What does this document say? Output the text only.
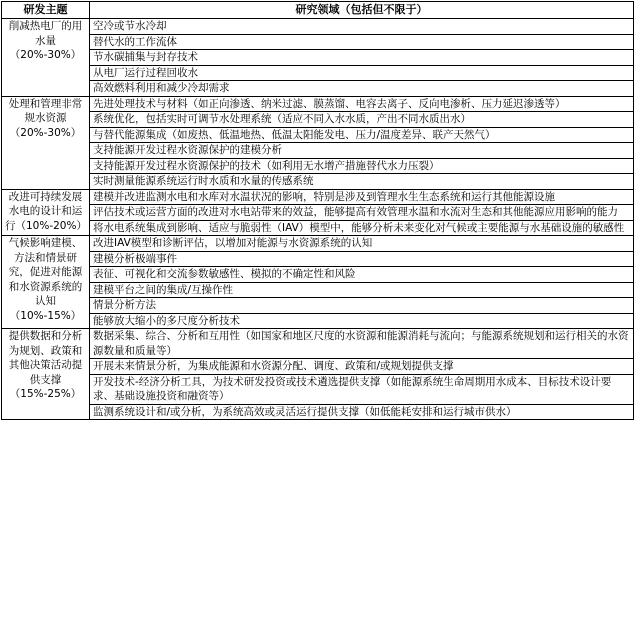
研发主题	研究领域（包括但不限于）
削减热电厂的用水量（20%-30%）	空冷或节水冷却
	替代水的工作流体
	节水碳捕集与封存技术
	从电厂运行过程回收水
	高效燃料利用和减少冷却需求
处理和管理非常规水资源（20%-30%）	先进处理技术与材料（如正向渗透、纳米过滤、膜蒸馏、电容去离子、反向电渗析、压力延迟渗透等）
	系统优化，包括实时可调节水处理系统（适应不同入水水质，产出不同水质出水）
	与替代能源集成（如废热、低温地热、低温太阳能发电、压力/温度差异、联产天然气）
	支持能源开发过程水资源保护的建模分析
	支持能源开发过程水资源保护的技术（如利用无水增产措施替代水力压裂）
	实时测量能源系统运行时水质和水量的传感系统
改进可持续发展水电的设计和运行（10%-20%）	建模并改进监测水电和水库对水温状况的影响，特别是涉及到管理水生生态系统和运行其他能源设施
	评估技术或运营方面的改进对水电站带来的效益，能够提高有效管理水温和水流对生态和其他能源应用影响的能力
	将水电系统集成到影响、适应与脆弱性（IAV）模型中，能够分析未来变化对气候或主要能源与水基础设施的敏感性
气候影响建模、方法和情景研究，促进对能源和水资源系统的认知（10%-15%）	改进IAV模型和诊断评估，以增加对能源与水资源系统的认知
	建模分析极端事件
	表征、可视化和交流参数敏感性、模拟的不确定性和风险
	建模平台之间的集成/互操作性
	情景分析方法
	能够放大缩小的多尺度分析技术
提供数据和分析为规划、政策和其他决策活动提供支撑（15%-25%）	数据采集、综合、分析和互用性（如国家和地区尺度的水资源和能源消耗与流向；与能源系统规划和运行相关的水资源数量和质量等）
	开展未来情景分析，为集成能源和水资源分配、调度、政策和/或规划提供支撑
	开发技术-经济分析工具，为技术研发投资或技术遴选提供支撑（如能源系统生命周期用水成本、目标技术设计要求、基础设施投资和融资等）
	监测系统设计和/或分析，为系统高效或灵活运行提供支撑（如低能耗安排和运行城市供水）
